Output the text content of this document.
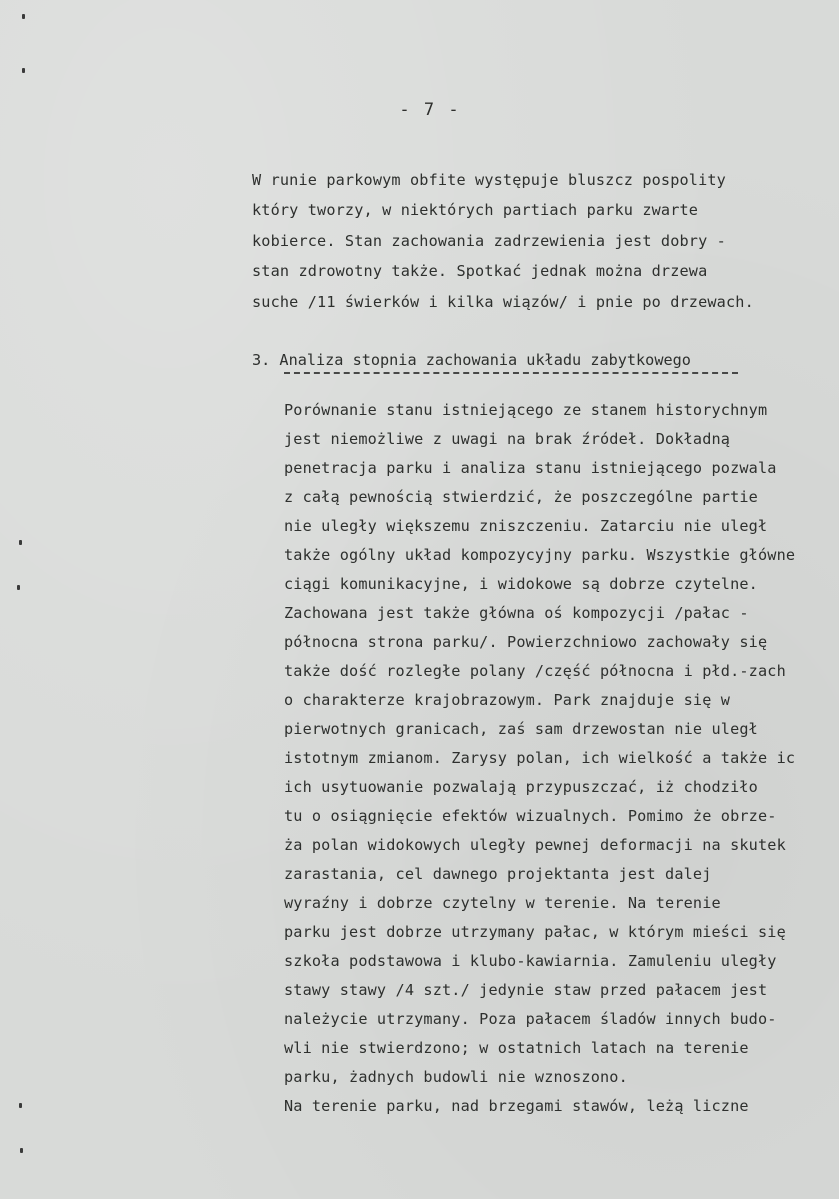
- 7 -
W runie parkowym obfite występuje bluszcz pospolity
który tworzy, w niektórych partiach parku zwarte
kobierce. Stan zachowania zadrzewienia jest dobry -
stan zdrowotny także. Spotkać jednak można drzewa
suche /11 świerków i kilka wiązów/ i pnie po drzewach.
3. Analiza stopnia zachowania układu zabytkowego
Porównanie stanu istniejącego ze stanem historychnym
jest niemożliwe z uwagi na brak źródeł. Dokładną
penetracja parku i analiza stanu istniejącego pozwala
z całą pewnością stwierdzić, że poszczególne partie
nie uległy większemu zniszczeniu. Zatarciu nie uległ
także ogólny układ kompozycyjny parku. Wszystkie główne
ciągi komunikacyjne, i widokowe są dobrze czytelne.
Zachowana jest także główna oś kompozycji /pałac -
północna strona parku/. Powierzchniowo zachowały się
także dość rozległe polany /część północna i płd.-zach
o charakterze krajobrazowym. Park znajduje się w
pierwotnych granicach, zaś sam drzewostan nie uległ
istotnym zmianom. Zarysy polan, ich wielkość a także ic
ich usytuowanie pozwalają przypuszczać, iż chodziło
tu o osiągnięcie efektów wizualnych. Pomimo że obrze-
ża polan widokowych uległy pewnej deformacji na skutek
zarastania, cel dawnego projektanta jest dalej
wyraźny i dobrze czytelny w terenie. Na terenie
parku jest dobrze utrzymany pałac, w którym mieści się
szkoła podstawowa i klubo-kawiarnia. Zamuleniu uległy
stawy stawy /4 szt./ jedynie staw przed pałacem jest
należycie utrzymany. Poza pałacem śladów innych budo-
wli nie stwierdzono; w ostatnich latach na terenie
parku, żadnych budowli nie wznoszono.
Na terenie parku, nad brzegami stawów, leżą liczne
